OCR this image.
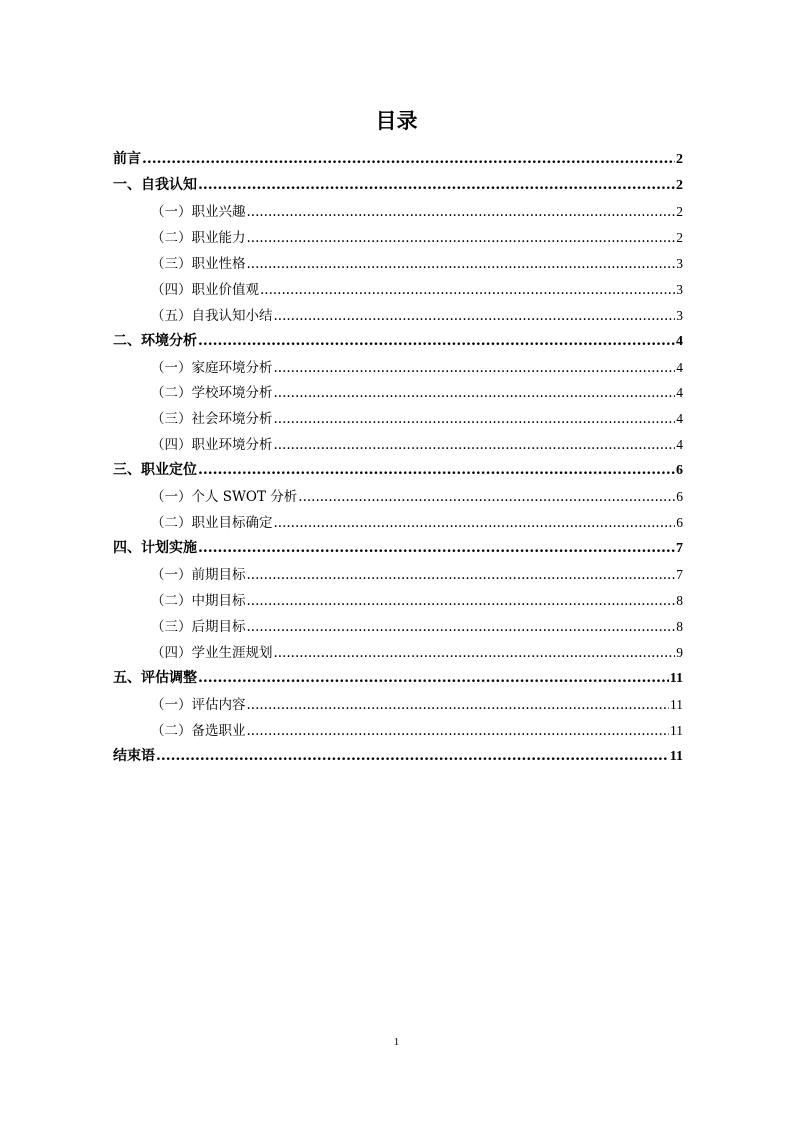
目录
前言 .....	2
一、自我认知 .....	2
（一）职业兴趣 .....	2
（二）职业能力 .....	2
（三）职业性格 .....	3
（四）职业价值观 .....	3
（五）自我认知小结 .....	3
二、环境分析 .....	4
（一）家庭环境分析 .....	4
（二）学校环境分析 .....	4
（三）社会环境分析 .....	4
（四）职业环境分析 .....	4
三、职业定位 .....	6
（一）个人 SWOT 分析 .....	6
（二）职业目标确定 .....	6
四、计划实施 .....	7
（一）前期目标 .....	7
（二）中期目标 .....	8
（三）后期目标 .....	8
（四）学业生涯规划 .....	9
五、评估调整 .....	11
（一）评估内容 .....	11
（二）备选职业 .....	11
结束语 .....	11
1
